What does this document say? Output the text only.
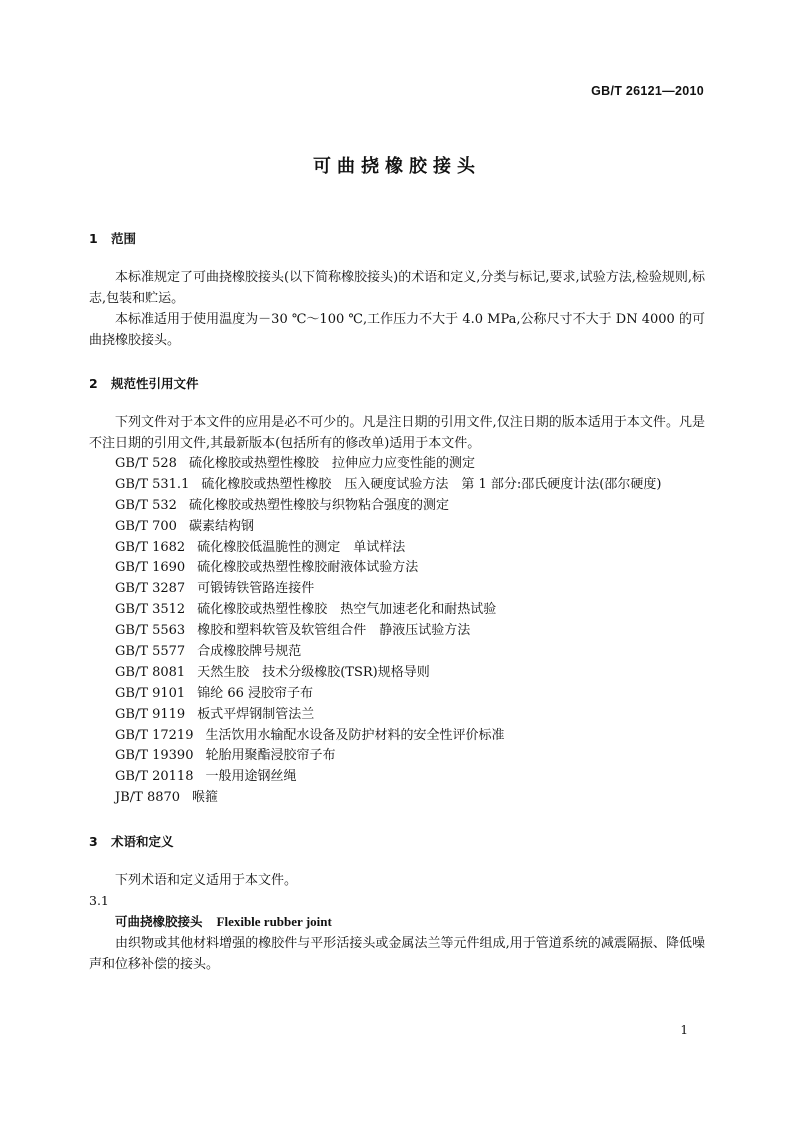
GB/T 26121—2010
可曲挠橡胶接头
1 范围

本标准规定了可曲挠橡胶接头(以下简称橡胶接头)的术语和定义,分类与标记,要求,试验方法,检验规则,标志,包装和贮运。

本标准适用于使用温度为－30 ℃～100 ℃,工作压力不大于 4.0 MPa,公称尺寸不大于 DN 4000 的可曲挠橡胶接头。

2 规范性引用文件

下列文件对于本文件的应用是必不可少的。凡是注日期的引用文件,仅注日期的版本适用于本文件。凡是不注日期的引用文件,其最新版本(包括所有的修改单)适用于本文件。

GB/T 528 硫化橡胶或热塑性橡胶　拉伸应力应变性能的测定
GB/T 531.1 硫化橡胶或热塑性橡胶　压入硬度试验方法　第 1 部分:邵氏硬度计法(邵尔硬度)
GB/T 532 硫化橡胶或热塑性橡胶与织物粘合强度的测定
GB/T 700 碳素结构钢
GB/T 1682 硫化橡胶低温脆性的测定　单试样法
GB/T 1690 硫化橡胶或热塑性橡胶耐液体试验方法
GB/T 3287 可锻铸铁管路连接件
GB/T 3512 硫化橡胶或热塑性橡胶　热空气加速老化和耐热试验
GB/T 5563 橡胶和塑料软管及软管组合件　静液压试验方法
GB/T 5577 合成橡胶牌号规范
GB/T 8081 天然生胶　技术分级橡胶(TSR)规格导则
GB/T 9101 锦纶 66 浸胶帘子布
GB/T 9119 板式平焊钢制管法兰
GB/T 17219 生活饮用水输配水设备及防护材料的安全性评价标准
GB/T 19390 轮胎用聚酯浸胶帘子布
GB/T 20118 一般用途钢丝绳
JB/T 8870 喉箍
3 术语和定义

下列术语和定义适用于本文件。

3.1
可曲挠橡胶接头 Flexible rubber joint

由织物或其他材料增强的橡胶件与平形活接头或金属法兰等元件组成,用于管道系统的减震隔振、降低噪声和位移补偿的接头。

1
